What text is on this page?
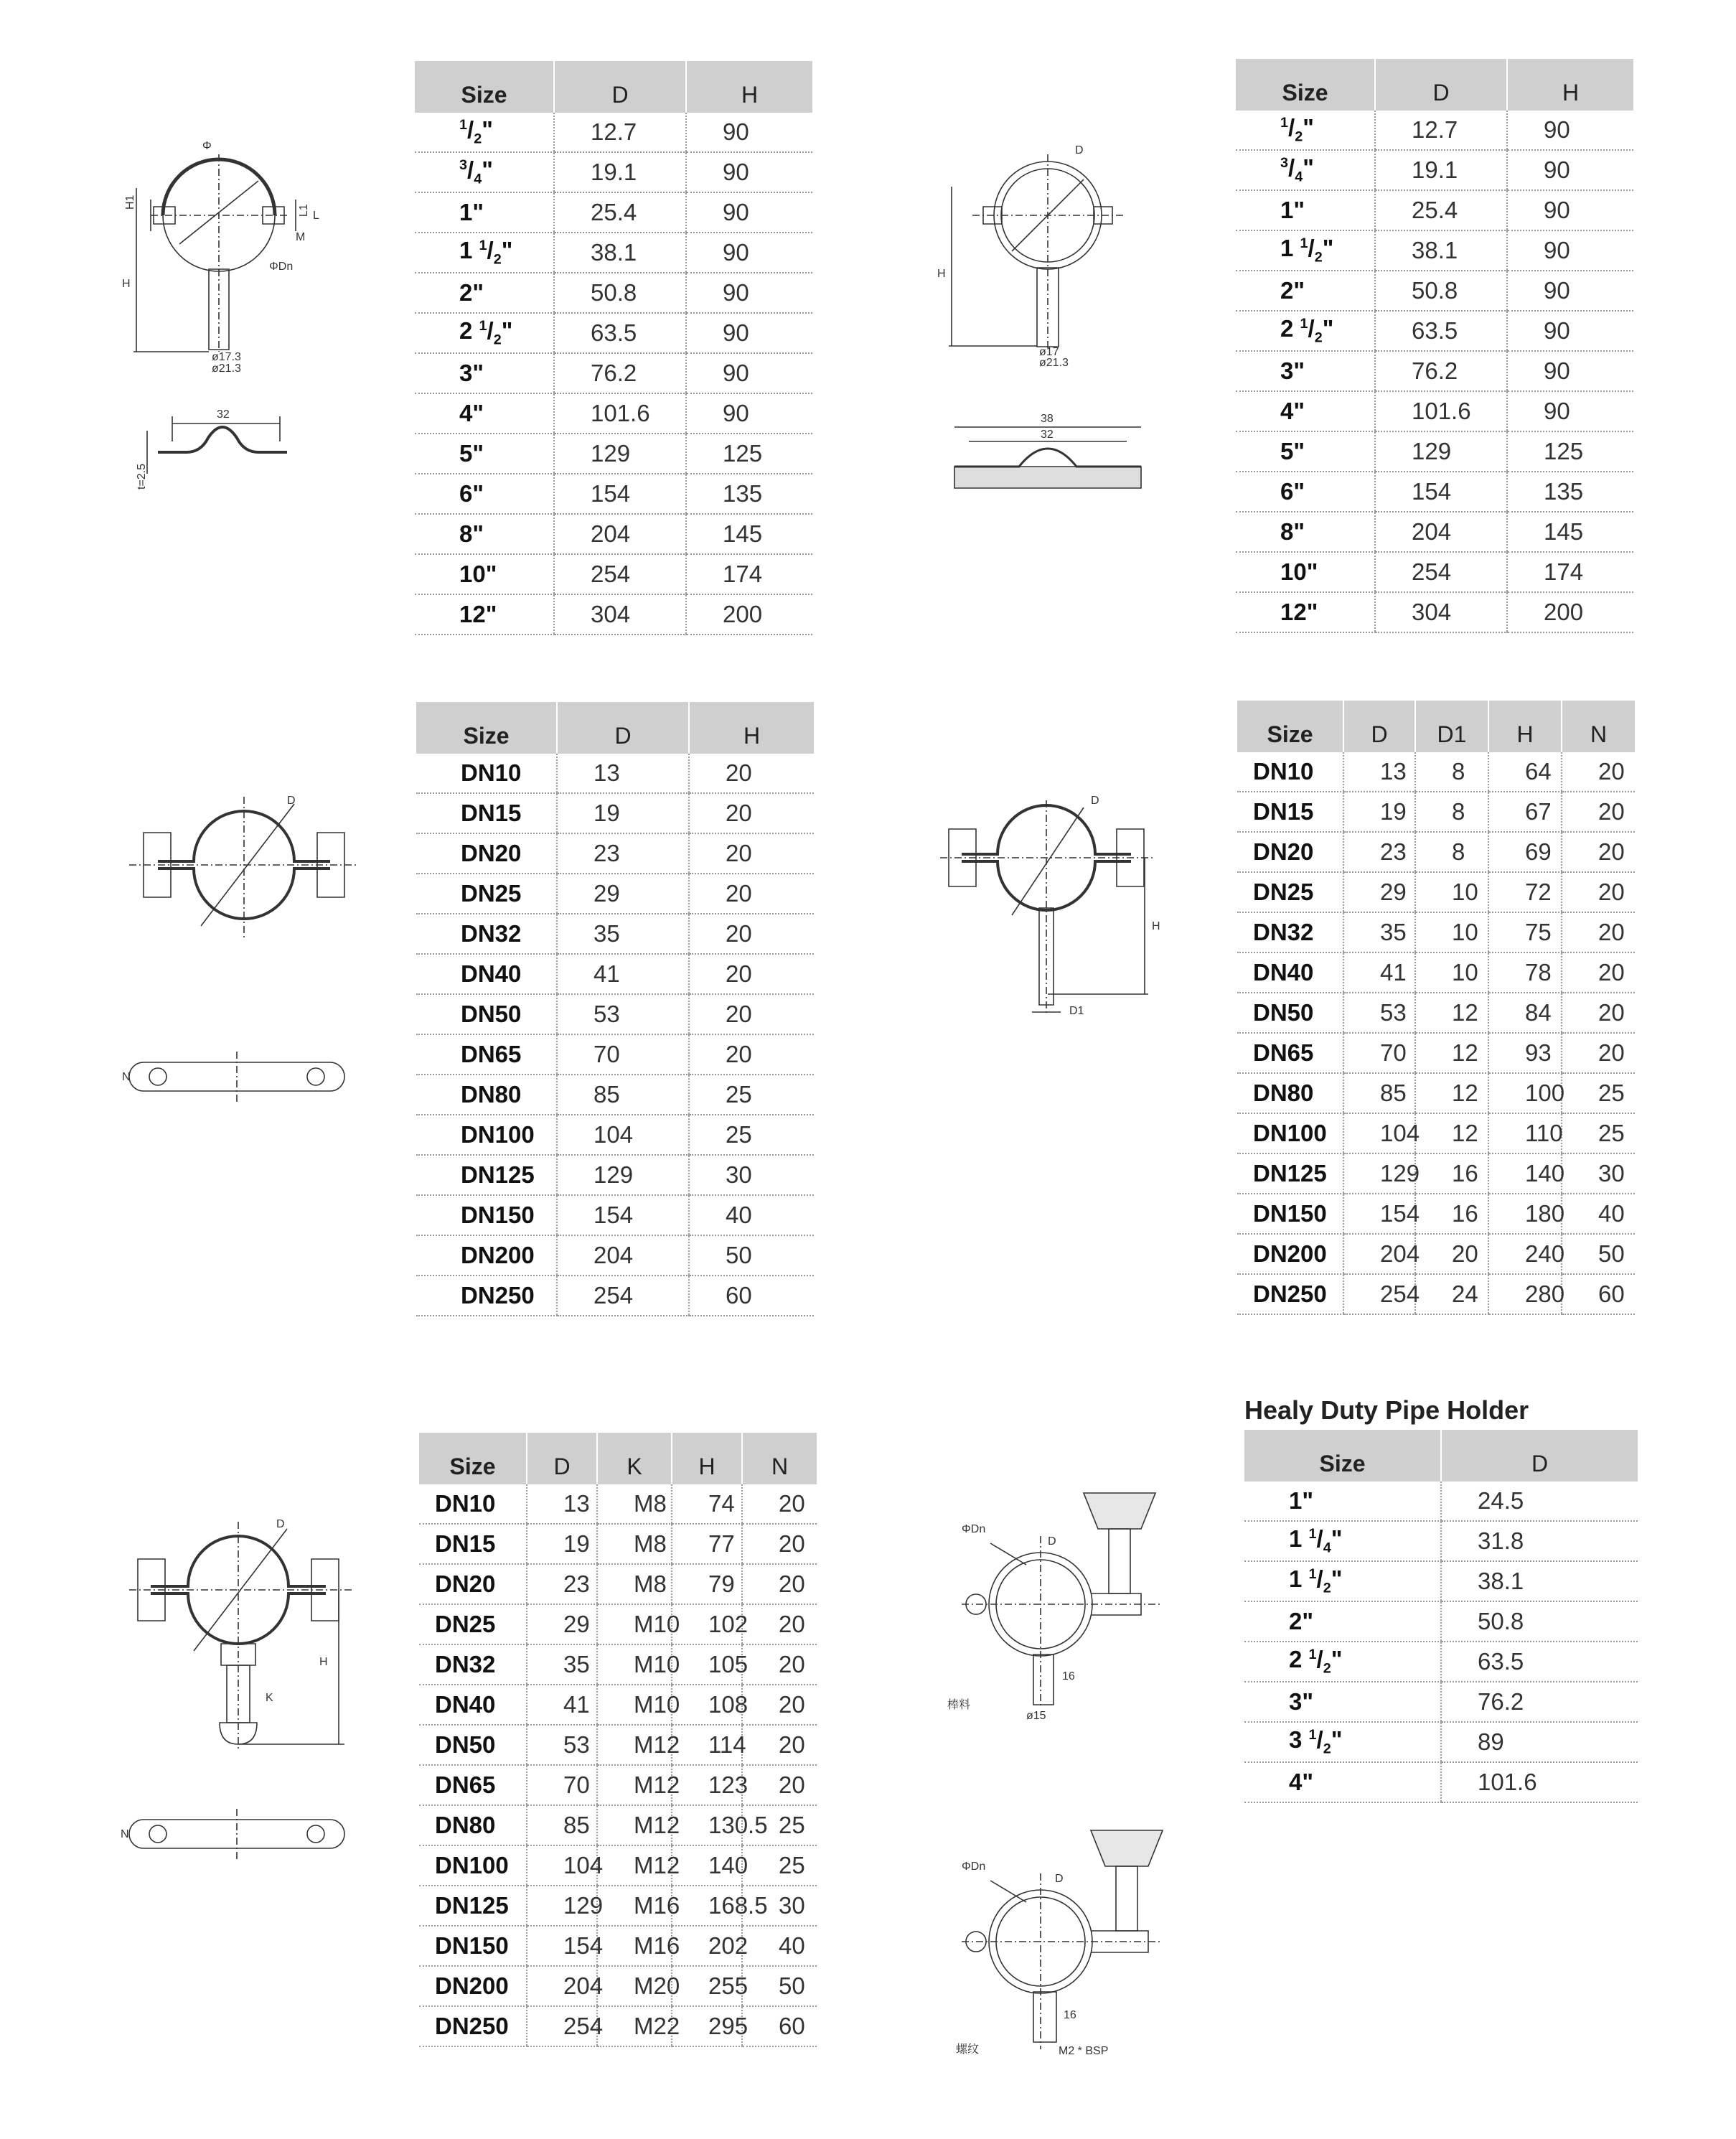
Size	D	H
$^1/_2$"	12.7	90
$^3/_4$"	19.1	90
1"	25.4	90
1 $^1/_2$"	38.1	90
2"	50.8	90
2 $^1/_2$"	63.5	90
3"	76.2	90
4"	101.6	90
5"	129	125
6"	154	135
8"	204	145
10"	254	174
12"	304	200
Size	D	H
$^1/_2$"	12.7	90
$^3/_4$"	19.1	90
1"	25.4	90
1 $^1/_2$"	38.1	90
2"	50.8	90
2 $^1/_2$"	63.5	90
3"	76.2	90
4"	101.6	90
5"	129	125
6"	154	135
8"	204	145
10"	254	174
12"	304	200
Size	D	H
DN10	13	20
DN15	19	20
DN20	23	20
DN25	29	20
DN32	35	20
DN40	41	20
DN50	53	20
DN65	70	20
DN80	85	25
DN100	104	25
DN125	129	30
DN150	154	40
DN200	204	50
DN250	254	60
Size	D	D1	H	N
DN10	13	8	64	20
DN15	19	8	67	20
DN20	23	8	69	20
DN25	29	10	72	20
DN32	35	10	75	20
DN40	41	10	78	20
DN50	53	12	84	20
DN65	70	12	93	20
DN80	85	12	100	25
DN100	104	12	110	25
DN125	129	16	140	30
DN150	154	16	180	40
DN200	204	20	240	50
DN250	254	24	280	60
Size	D	K	H	N
DN10	13	M8	74	20
DN15	19	M8	77	20
DN20	23	M8	79	20
DN25	29	M10	102	20
DN32	35	M10	105	20
DN40	41	M10	108	20
DN50	53	M12	114	20
DN65	70	M12	123	20
DN80	85	M12	130.5	25
DN100	104	M12	140	25
DN125	129	M16	168.5	30
DN150	154	M16	202	40
DN200	204	M20	255	50
DN250	254	M22	295	60
Healy Duty Pipe Holder
Size	D
1"	24.5
1 $^1/_4$"	31.8
1 $^1/_2$"	38.1
2"	50.8
2 $^1/_2$"	63.5
3"	76.2
3 $^1/_2$"	89
4"	101.6
Φ
H
H1
L1
M
L
ΦDn
ø17.3
ø21.3
32
t=2.5
D
H
ø17
ø21.3
38
32
D
N
D
H
D1
D
K
H
N
ΦDn
D
16
ø15
棒料
ΦDn
D
16
螺纹	M2 * BSP
